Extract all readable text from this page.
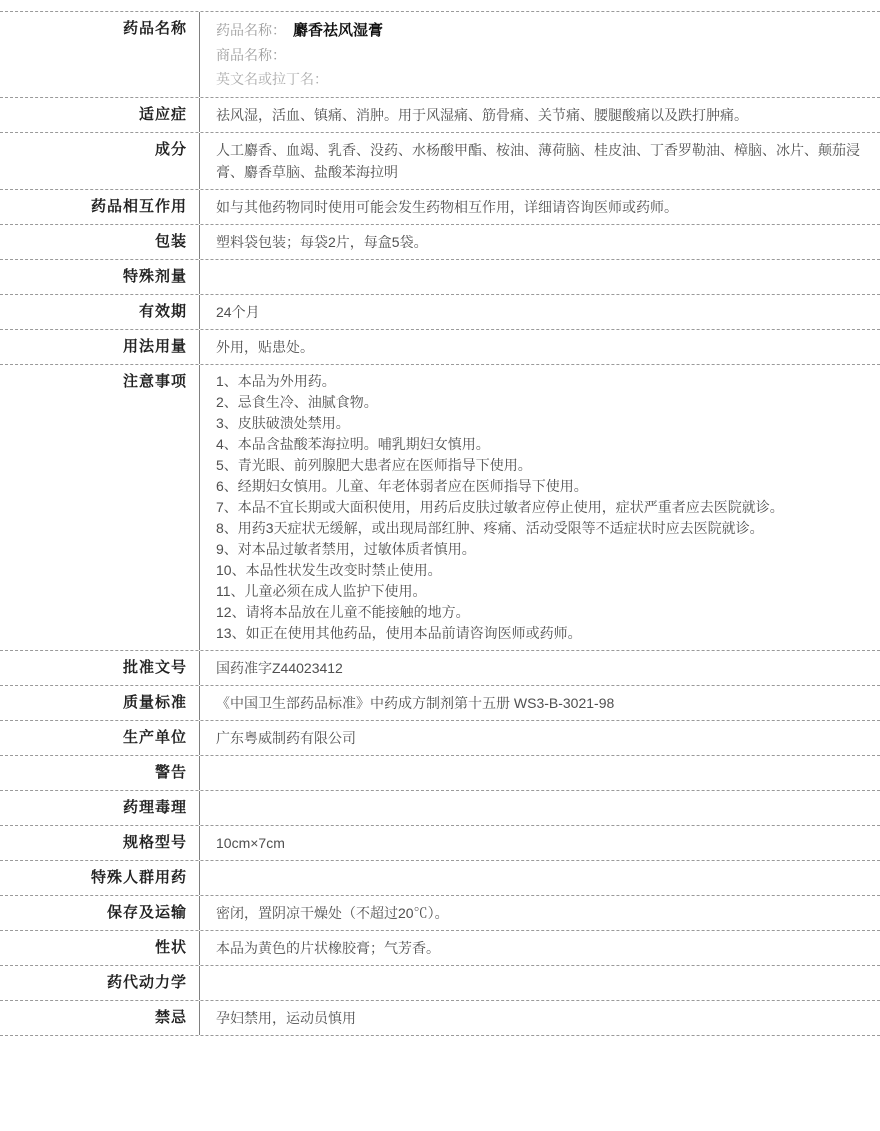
药品名称	药品名称： 麝香祛风湿膏
商品名称：
英文名或拉丁名：
适应症	祛风湿，活血、镇痛、消肿。用于风湿痛、筋骨痛、关节痛、腰腿酸痛以及跌打肿痛。
成分	人工麝香、血竭、乳香、没药、水杨酸甲酯、桉油、薄荷脑、桂皮油、丁香罗勒油、樟脑、冰片、颠茄浸膏、麝香草脑、盐酸苯海拉明
药品相互作用	如与其他药物同时使用可能会发生药物相互作用，详细请咨询医师或药师。
包装	塑料袋包装；每袋2片，每盒5袋。
特殊剂量
有效期	24个月
用法用量	外用，贴患处。
注意事项	1、本品为外用药。
2、忌食生冷、油腻食物。
3、皮肤破溃处禁用。
4、本品含盐酸苯海拉明。哺乳期妇女慎用。
5、青光眼、前列腺肥大患者应在医师指导下使用。
6、经期妇女慎用。儿童、年老体弱者应在医师指导下使用。
7、本品不宜长期或大面积使用，用药后皮肤过敏者应停止使用，症状严重者应去医院就诊。
8、用药3天症状无缓解，或出现局部红肿、疼痛、活动受限等不适症状时应去医院就诊。
9、对本品过敏者禁用，过敏体质者慎用。
10、本品性状发生改变时禁止使用。
11、儿童必须在成人监护下使用。
12、请将本品放在儿童不能接触的地方。
13、如正在使用其他药品，使用本品前请咨询医师或药师。
批准文号	国药准字Z44023412
质量标准	《中国卫生部药品标准》中药成方制剂第十五册 WS3-B-3021-98
生产单位	广东粤威制药有限公司
警告
药理毒理
规格型号	10cm×7cm
特殊人群用药
保存及运输	密闭，置阴凉干燥处（不超过20℃）。
性状	本品为黄色的片状橡胶膏；气芳香。
药代动力学
禁忌	孕妇禁用，运动员慎用
